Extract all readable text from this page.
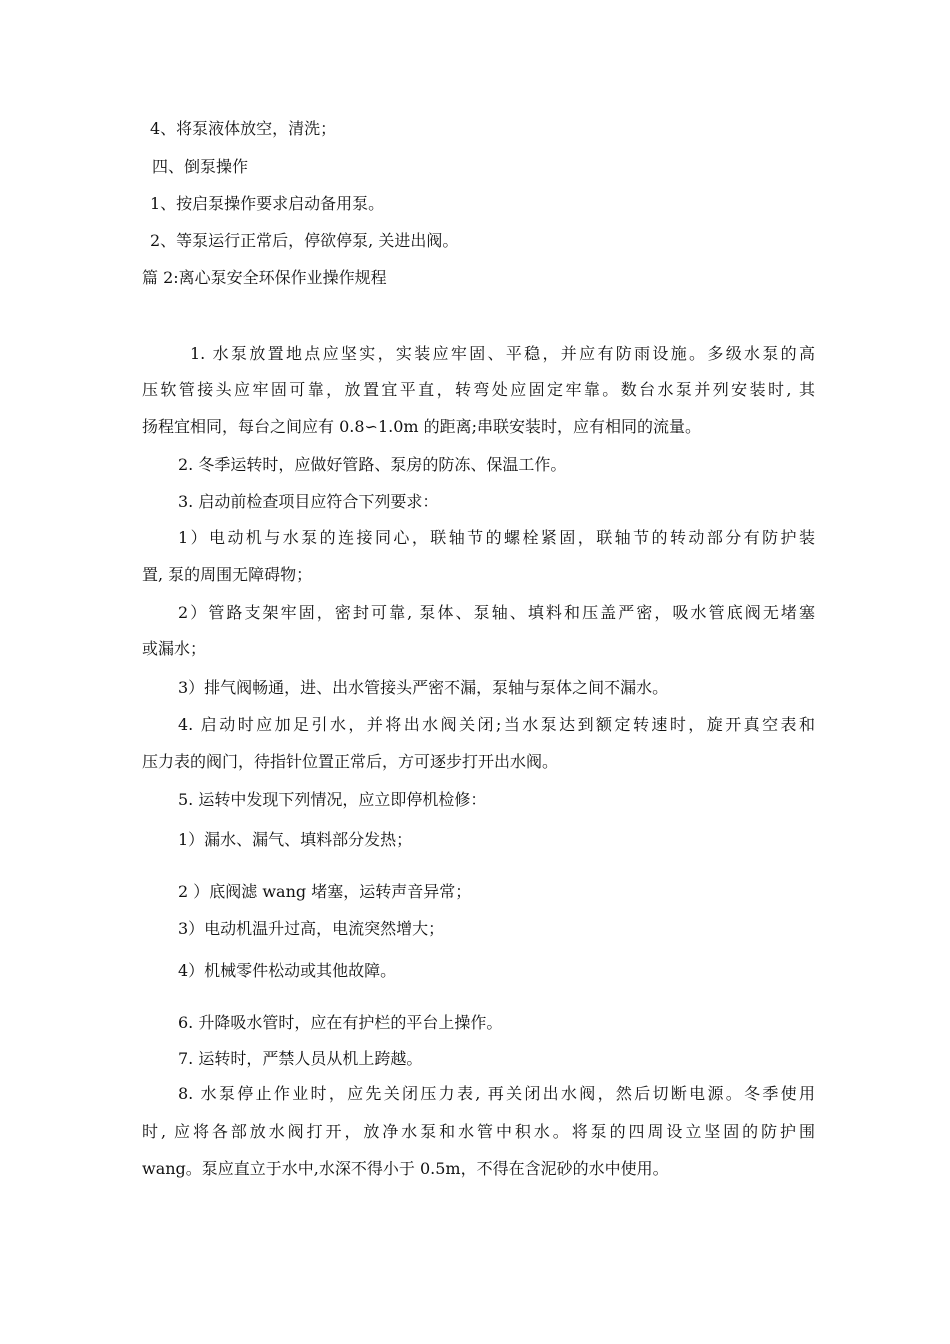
4、将泵液体放空，清洗；
四、倒泵操作
1、按启泵操作要求启动备用泵。
2、等泵运行正常后，停欲停泵, 关进出阀。
篇 2:离心泵安全环保作业操作规程
1. 水泵放置地点应坚实，实装应牢固、平稳，并应有防雨设施。多级水泵的高
压软管接头应牢固可靠，放置宜平直，转弯处应固定牢靠。数台水泵并列安装时, 其
扬程宜相同，每台之间应有 0.8∽1.0m 的距离;串联安装时，应有相同的流量。
2. 冬季运转时，应做好管路、泵房的防冻、保温工作。
3. 启动前检查项目应符合下列要求：
1）电动机与水泵的连接同心，联轴节的螺栓紧固，联轴节的转动部分有防护装
置, 泵的周围无障碍物；
2）管路支架牢固，密封可靠, 泵体、泵轴、填料和压盖严密，吸水管底阀无堵塞
或漏水；
3）排气阀畅通，进、出水管接头严密不漏，泵轴与泵体之间不漏水。
4. 启动时应加足引水，并将出水阀关闭;当水泵达到额定转速时，旋开真空表和
压力表的阀门，待指针位置正常后，方可逐步打开出水阀。
5. 运转中发现下列情况，应立即停机检修：
1）漏水、漏气、填料部分发热；
2 ）底阀滤 wang 堵塞，运转声音异常；
3）电动机温升过高，电流突然增大；
4）机械零件松动或其他故障。
6. 升降吸水管时，应在有护栏的平台上操作。
7. 运转时，严禁人员从机上跨越。
8. 水泵停止作业时，应先关闭压力表, 再关闭出水阀，然后切断电源。冬季使用
时, 应将各部放水阀打开，放净水泵和水管中积水。将泵的四周设立坚固的防护围
wang。泵应直立于水中,水深不得小于 0.5m，不得在含泥砂的水中使用。
